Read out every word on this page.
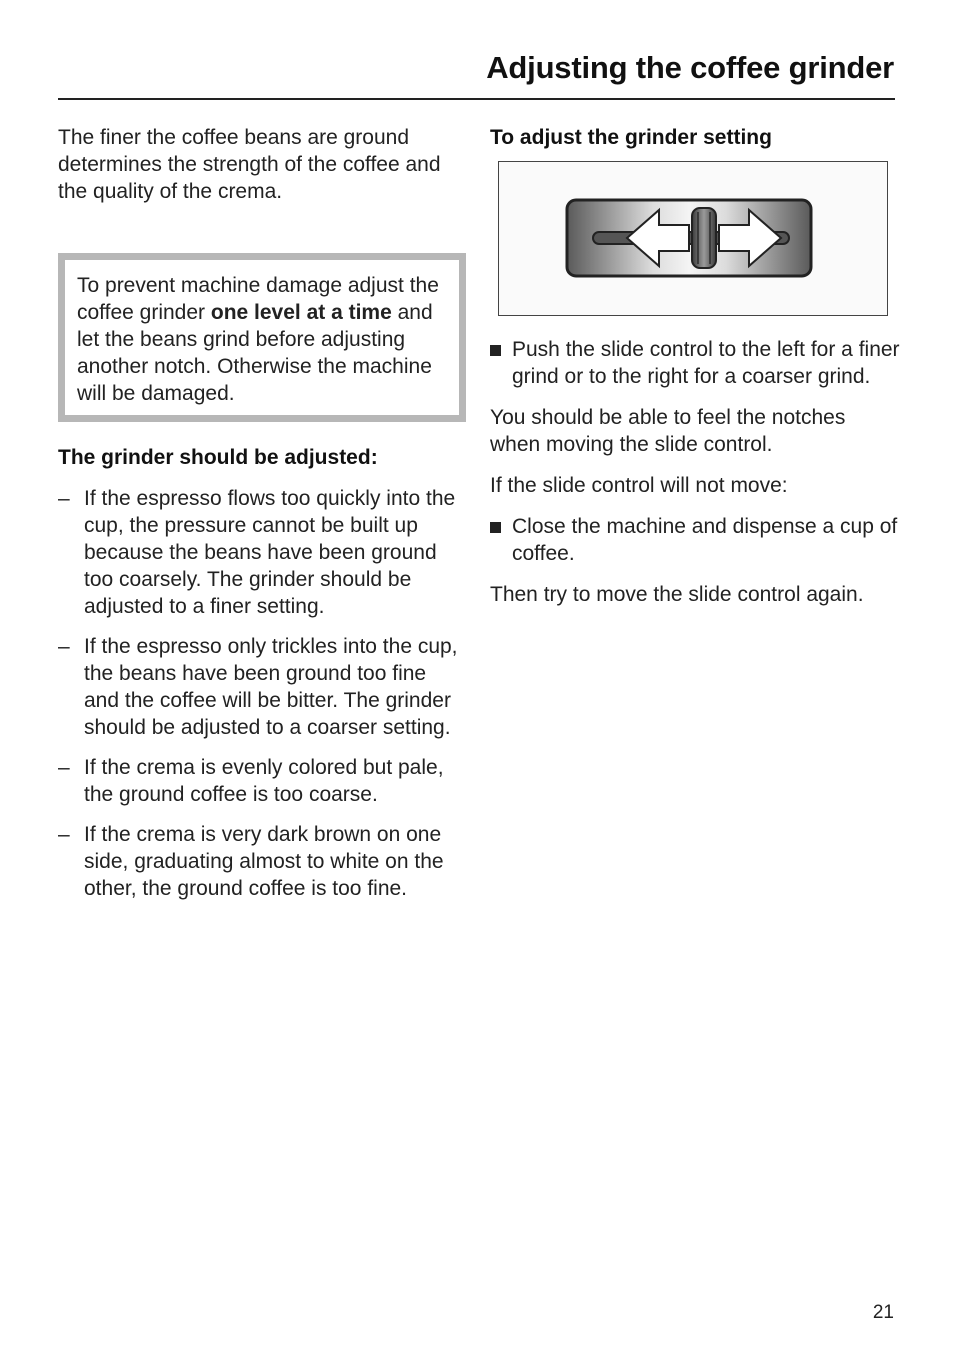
Adjusting the coffee grinder

The finer the coffee beans are ground determines the strength of the coffee and the quality of the crema.

To prevent machine damage adjust the coffee grinder one level at a time and let the beans grind before adjusting another notch. Otherwise the machine will be damaged.

The grinder should be adjusted:
– If the espresso flows too quickly into the cup, the pressure cannot be built up because the beans have been ground too coarsely. The grinder should be adjusted to a finer setting.

– If the espresso only trickles into the cup, the beans have been ground too fine and the coffee will be bitter. The grinder should be adjusted to a coarser setting.

– If the crema is evenly colored but pale, the ground coffee is too coarse.

– If the crema is very dark brown on one side, graduating almost to white on the other, the ground coffee is too fine.

To adjust the grinder setting

Push the slide control to the left for a finer grind or to the right for a coarser grind.

You should be able to feel the notches when moving the slide control.

If the slide control will not move:

Close the machine and dispense a cup of coffee.

Then try to move the slide control again.

21
